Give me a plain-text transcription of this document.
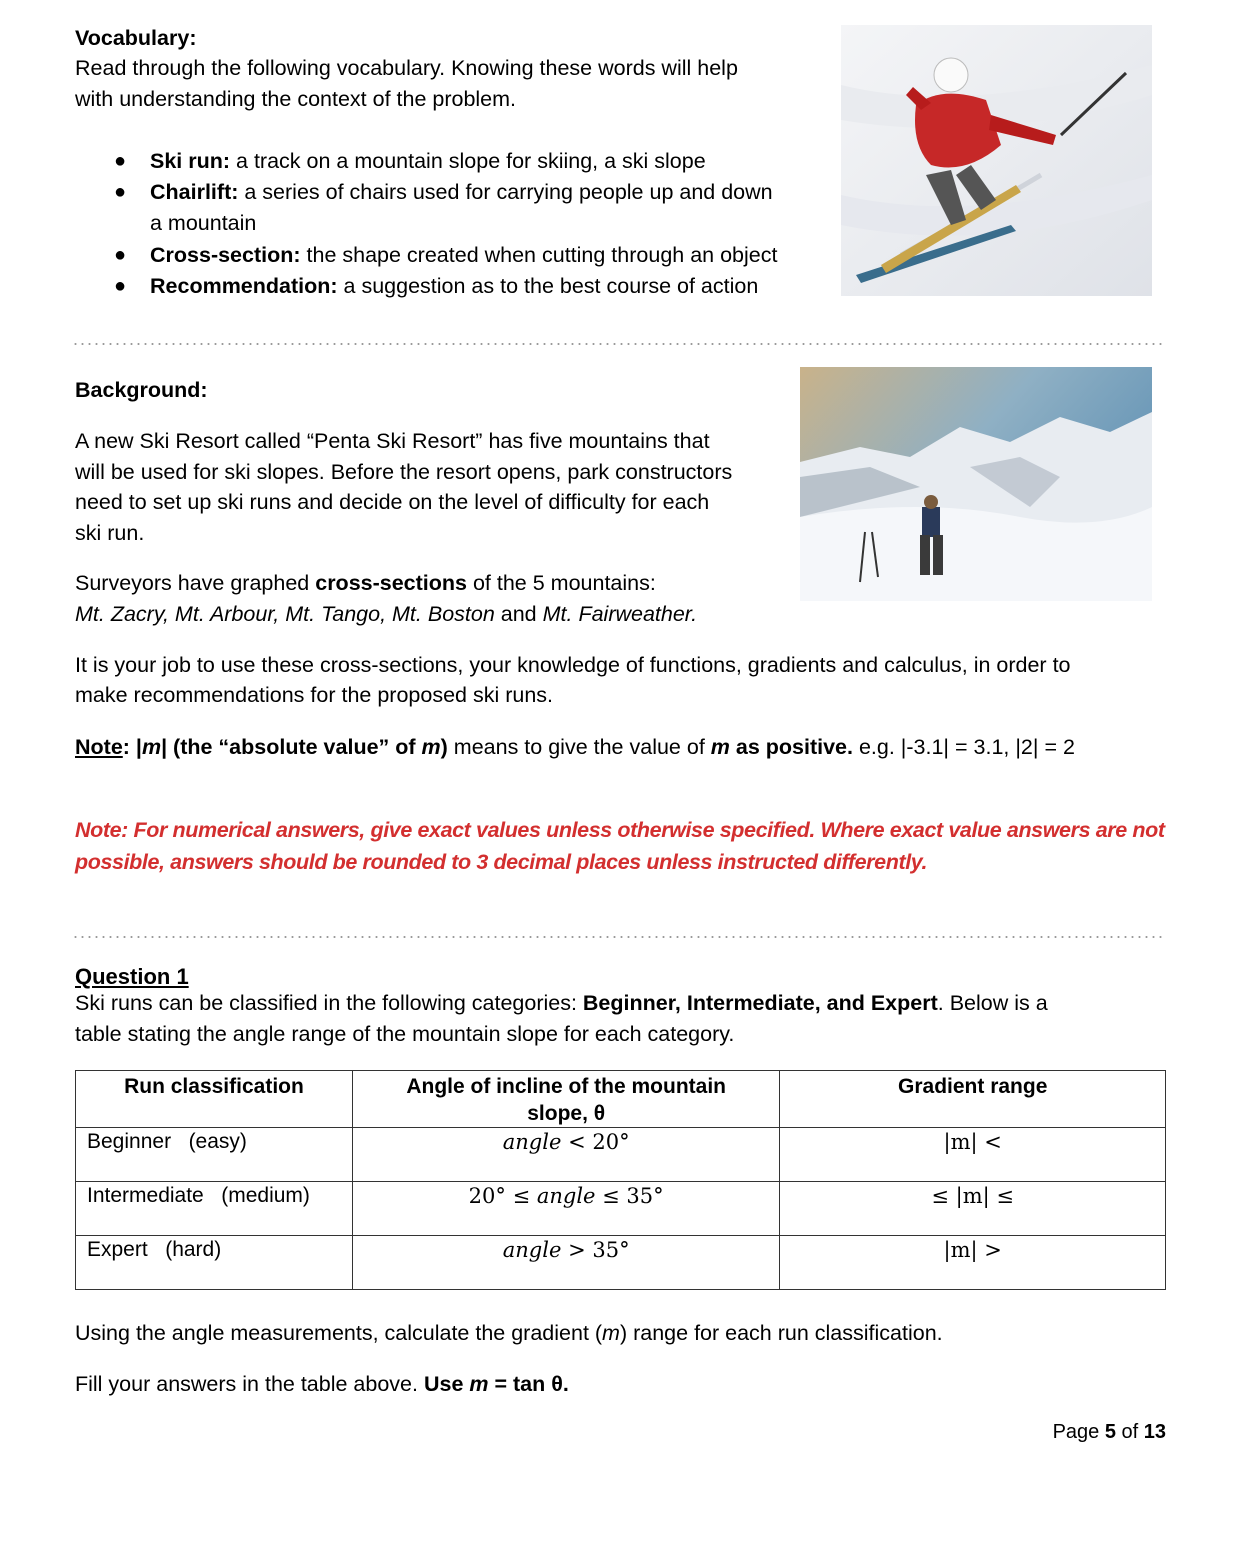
Vocabulary:
Read through the following vocabulary. Knowing these words will help
with understanding the context of the problem.
● Ski run: a track on a mountain slope for skiing, a ski slope
● Chairlift: a series of chairs used for carrying people up and down
a mountain
● Cross-section: the shape created when cutting through an object
● Recommendation: a suggestion as to the best course of action
Background:
A new Ski Resort called “Penta Ski Resort” has five mountains that
will be used for ski slopes. Before the resort opens, park constructors
need to set up ski runs and decide on the level of difficulty for each
ski run.
Surveyors have graphed cross-sections of the 5 mountains:
Mt. Zacry, Mt. Arbour, Mt. Tango, Mt. Boston and Mt. Fairweather.
It is your job to use these cross-sections, your knowledge of functions, gradients and calculus, in order to
make recommendations for the proposed ski runs.
Note: |m| (the “absolute value” of m) means to give the value of m as positive. e.g. |-3.1| = 3.1, |2| = 2
Note: For numerical answers, give exact values unless otherwise specified. Where exact value answers are not
possible, answers should be rounded to 3 decimal places unless instructed differently.
Question 1
Ski runs can be classified in the following categories: Beginner, Intermediate, and Expert. Below is a
table stating the angle range of the mountain slope for each category.
Run classification	Angle of incline of the mountain
slope, θ	Gradient range
Beginner   (easy)	angle < 20°	|m| <
Intermediate   (medium)	20° ≤ angle ≤ 35°	≤ |m| ≤
Expert   (hard)	angle > 35°	|m| >
Using the angle measurements, calculate the gradient (m) range for each run classification.
Fill your answers in the table above. Use m = tan θ.
Page 5 of 13
